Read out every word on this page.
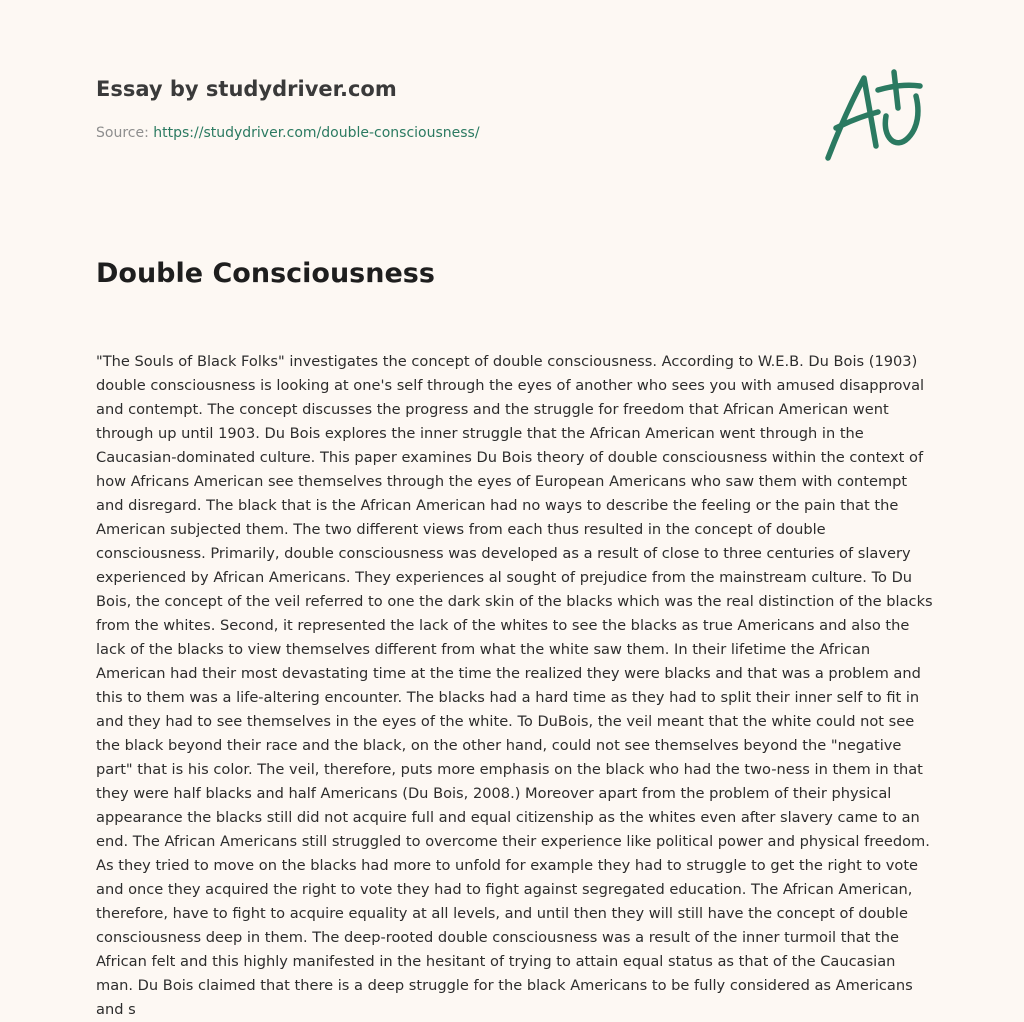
Essay by studydriver.com
Source: https://studydriver.com/double-consciousness/
Double Consciousness

"The Souls of Black Folks" investigates the concept of double consciousness. According to W.E.B. Du Bois (1903) double consciousness is looking at one's self through the eyes of another who sees you with amused disapproval and contempt. The concept discusses the progress and the struggle for freedom that African American went through up until 1903. Du Bois explores the inner struggle that the African American went through in the Caucasian-dominated culture. This paper examines Du Bois theory of double consciousness within the context of how Africans American see themselves through the eyes of European Americans who saw them with contempt and disregard. The black that is the African American had no ways to describe the feeling or the pain that the American subjected them. The two different views from each thus resulted in the concept of double consciousness. Primarily, double consciousness was developed as a result of close to three centuries of slavery experienced by African Americans. They experiences al sought of prejudice from the mainstream culture. To Du Bois, the concept of the veil referred to one the dark skin of the blacks which was the real distinction of the blacks from the whites. Second, it represented the lack of the whites to see the blacks as true Americans and also the lack of the blacks to view themselves different from what the white saw them. In their lifetime the African American had their most devastating time at the time the realized they were blacks and that was a problem and this to them was a life-altering encounter. The blacks had a hard time as they had to split their inner self to fit in and they had to see themselves in the eyes of the white. To DuBois, the veil meant that the white could not see the black beyond their race and the black, on the other hand, could not see themselves beyond the "negative part" that is his color. The veil, therefore, puts more emphasis on the black who had the two-ness in them in that they were half blacks and half Americans (Du Bois, 2008.) Moreover apart from the problem of their physical appearance the blacks still did not acquire full and equal citizenship as the whites even after slavery came to an end. The African Americans still struggled to overcome their experience like political power and physical freedom. As they tried to move on the blacks had more to unfold for example they had to struggle to get the right to vote and once they acquired the right to vote they had to fight against segregated education. The African American, therefore, have to fight to acquire equality at all levels, and until then they will still have the concept of double consciousness deep in them. The deep-rooted double consciousness was a result of the inner turmoil that the African felt and this highly manifested in the hesitant of trying to attain equal status as that of the Caucasian man. Du Bois claimed that there is a deep struggle for the black Americans to be fully considered as Americans and s
